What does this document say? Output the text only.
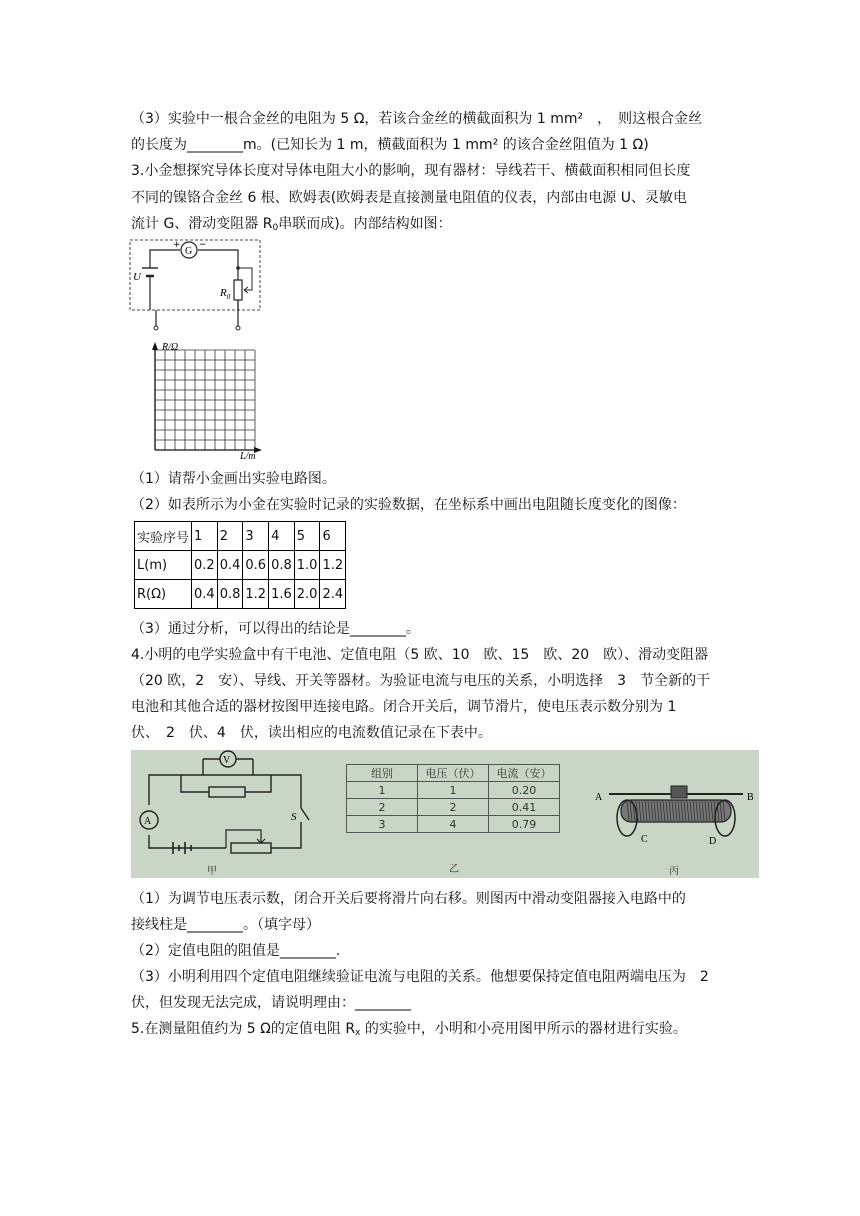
（3）实验中一根合金丝的电阻为 5 Ω，若该合金丝的横截面积为 1 mm²　，　则这根合金丝
的长度为________m。(已知长为 1 m，横截面积为 1 mm² 的该合金丝阻值为 1 Ω)
3.小金想探究导体长度对导体电阻大小的影响，现有器材：导线若干、横截面积相同但长度
不同的镍铬合金丝 6 根、欧姆表(欧姆表是直接测量电阻值的仪表，内部由电源 U、灵敏电
流计 G、滑动变阻器 $R_0$串联而成)。内部结构如图：
U
G
+ −
$R_0$
R/Ω
L/m
（1）请帮小金画出实验电路图。
（2）如表所示为小金在实验时记录的实验数据，在坐标系中画出电阻随长度变化的图像：
实验序号	1	2	3	4	5	6
L(m)	0.2	0.4	0.6	0.8	1.0	1.2
R(Ω)	0.4	0.8	1.2	1.6	2.0	2.4
（3）通过分析，可以得出的结论是________。
4.小明的电学实验盒中有干电池、定值电阻（5 欧、10　欧、15　欧、20　欧）、滑动变阻器
（20 欧，2　安）、导线、开关等器材。为验证电流与电压的关系，小明选择　3　节全新的干
电池和其他合适的器材按图甲连接电路。闭合开关后，调节滑片，使电压表示数分别为 1
伏、　2　伏、4　伏，读出相应的电流数值记录在下表中。
V
A	S
甲
组别	电压（伏）	电流（安）
1	1	0.20
2	2	0.41
3	4	0.79
乙
A	B
C	D
丙
（1）为调节电压表示数，闭合开关后要将滑片向右移。则图丙中滑动变阻器接入电路中的
接线柱是________。（填字母）
（2）定值电阻的阻值是________.
（3）小明利用四个定值电阻继续验证电流与电阻的关系。他想要保持定值电阻两端电压为　2
伏，但发现无法完成，请说明理由：________
5.在测量阻值约为 5 Ω的定值电阻 $R_x$ 的实验中，小明和小亮用图甲所示的器材进行实验。
